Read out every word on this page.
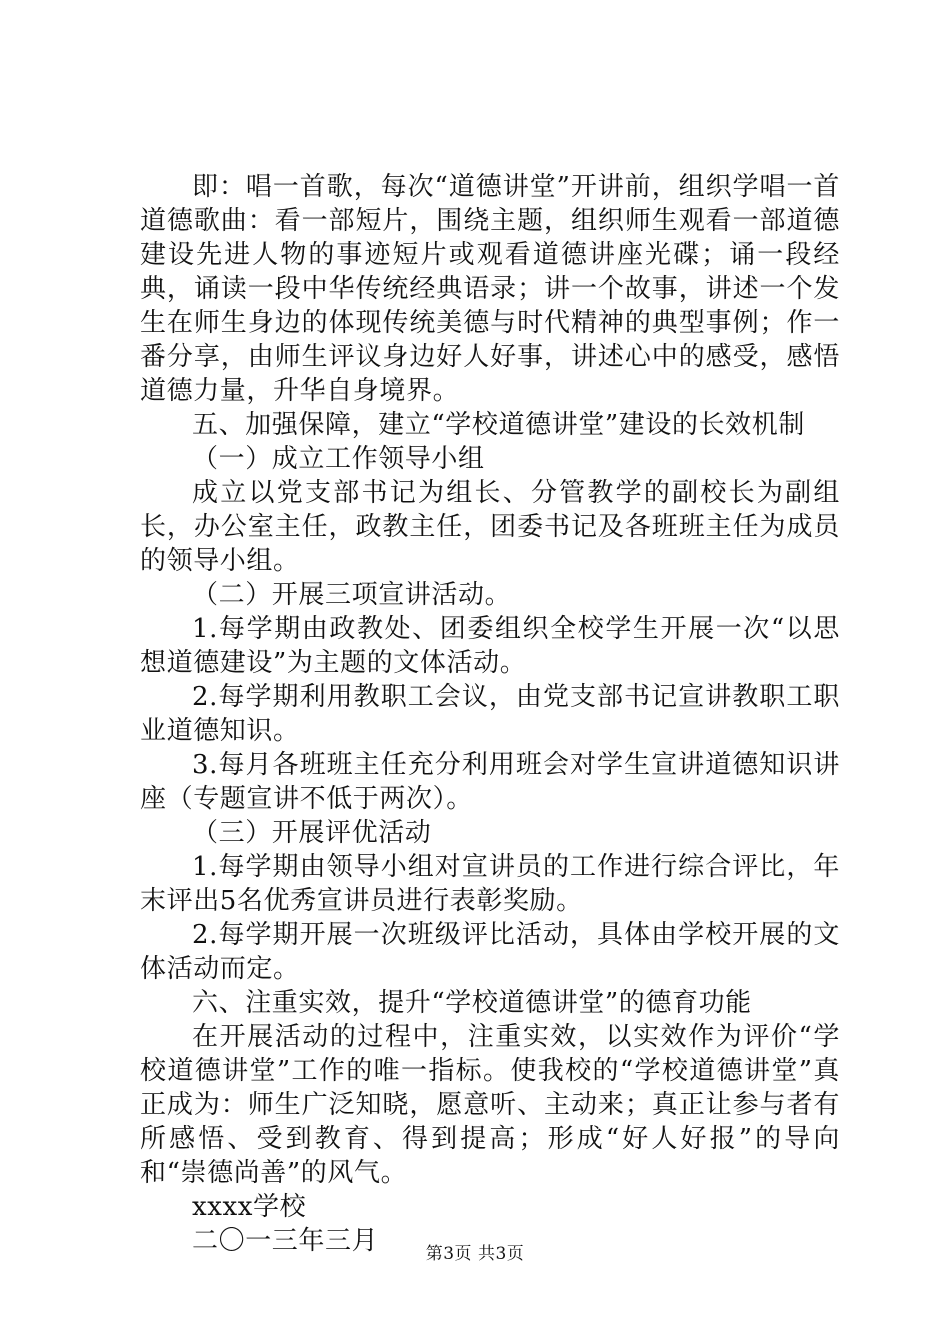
即：唱一首歌，每次“道德讲堂”开讲前，组织学唱一首道德歌曲：看一部短片，围绕主题，组织师生观看一部道德建设先进人物的事迹短片或观看道德讲座光碟；诵一段经典，诵读一段中华传统经典语录；讲一个故事，讲述一个发生在师生身边的体现传统美德与时代精神的典型事例；作一番分享，由师生评议身边好人好事，讲述心中的感受，感悟道德力量，升华自身境界。

五、加强保障，建立“学校道德讲堂”建设的长效机制

（一）成立工作领导小组

成立以党支部书记为组长、分管教学的副校长为副组长，办公室主任，政教主任，团委书记及各班班主任为成员的领导小组。

（二）开展三项宣讲活动。

1.每学期由政教处、团委组织全校学生开展一次“以思想道德建设”为主题的文体活动。

2.每学期利用教职工会议，由党支部书记宣讲教职工职业道德知识。

3.每月各班班主任充分利用班会对学生宣讲道德知识讲座（专题宣讲不低于两次）。

（三）开展评优活动

1.每学期由领导小组对宣讲员的工作进行综合评比，年末评出5名优秀宣讲员进行表彰奖励。

2.每学期开展一次班级评比活动，具体由学校开展的文体活动而定。

六、注重实效，提升“学校道德讲堂”的德育功能

在开展活动的过程中，注重实效，以实效作为评价“学校道德讲堂”工作的唯一指标。使我校的“学校道德讲堂”真正成为：师生广泛知晓，愿意听、主动来；真正让参与者有所感悟、受到教育、得到提高；形成“好人好报”的导向和“崇德尚善”的风气。

xxxx学校

二〇一三年三月	第3页 共3页
